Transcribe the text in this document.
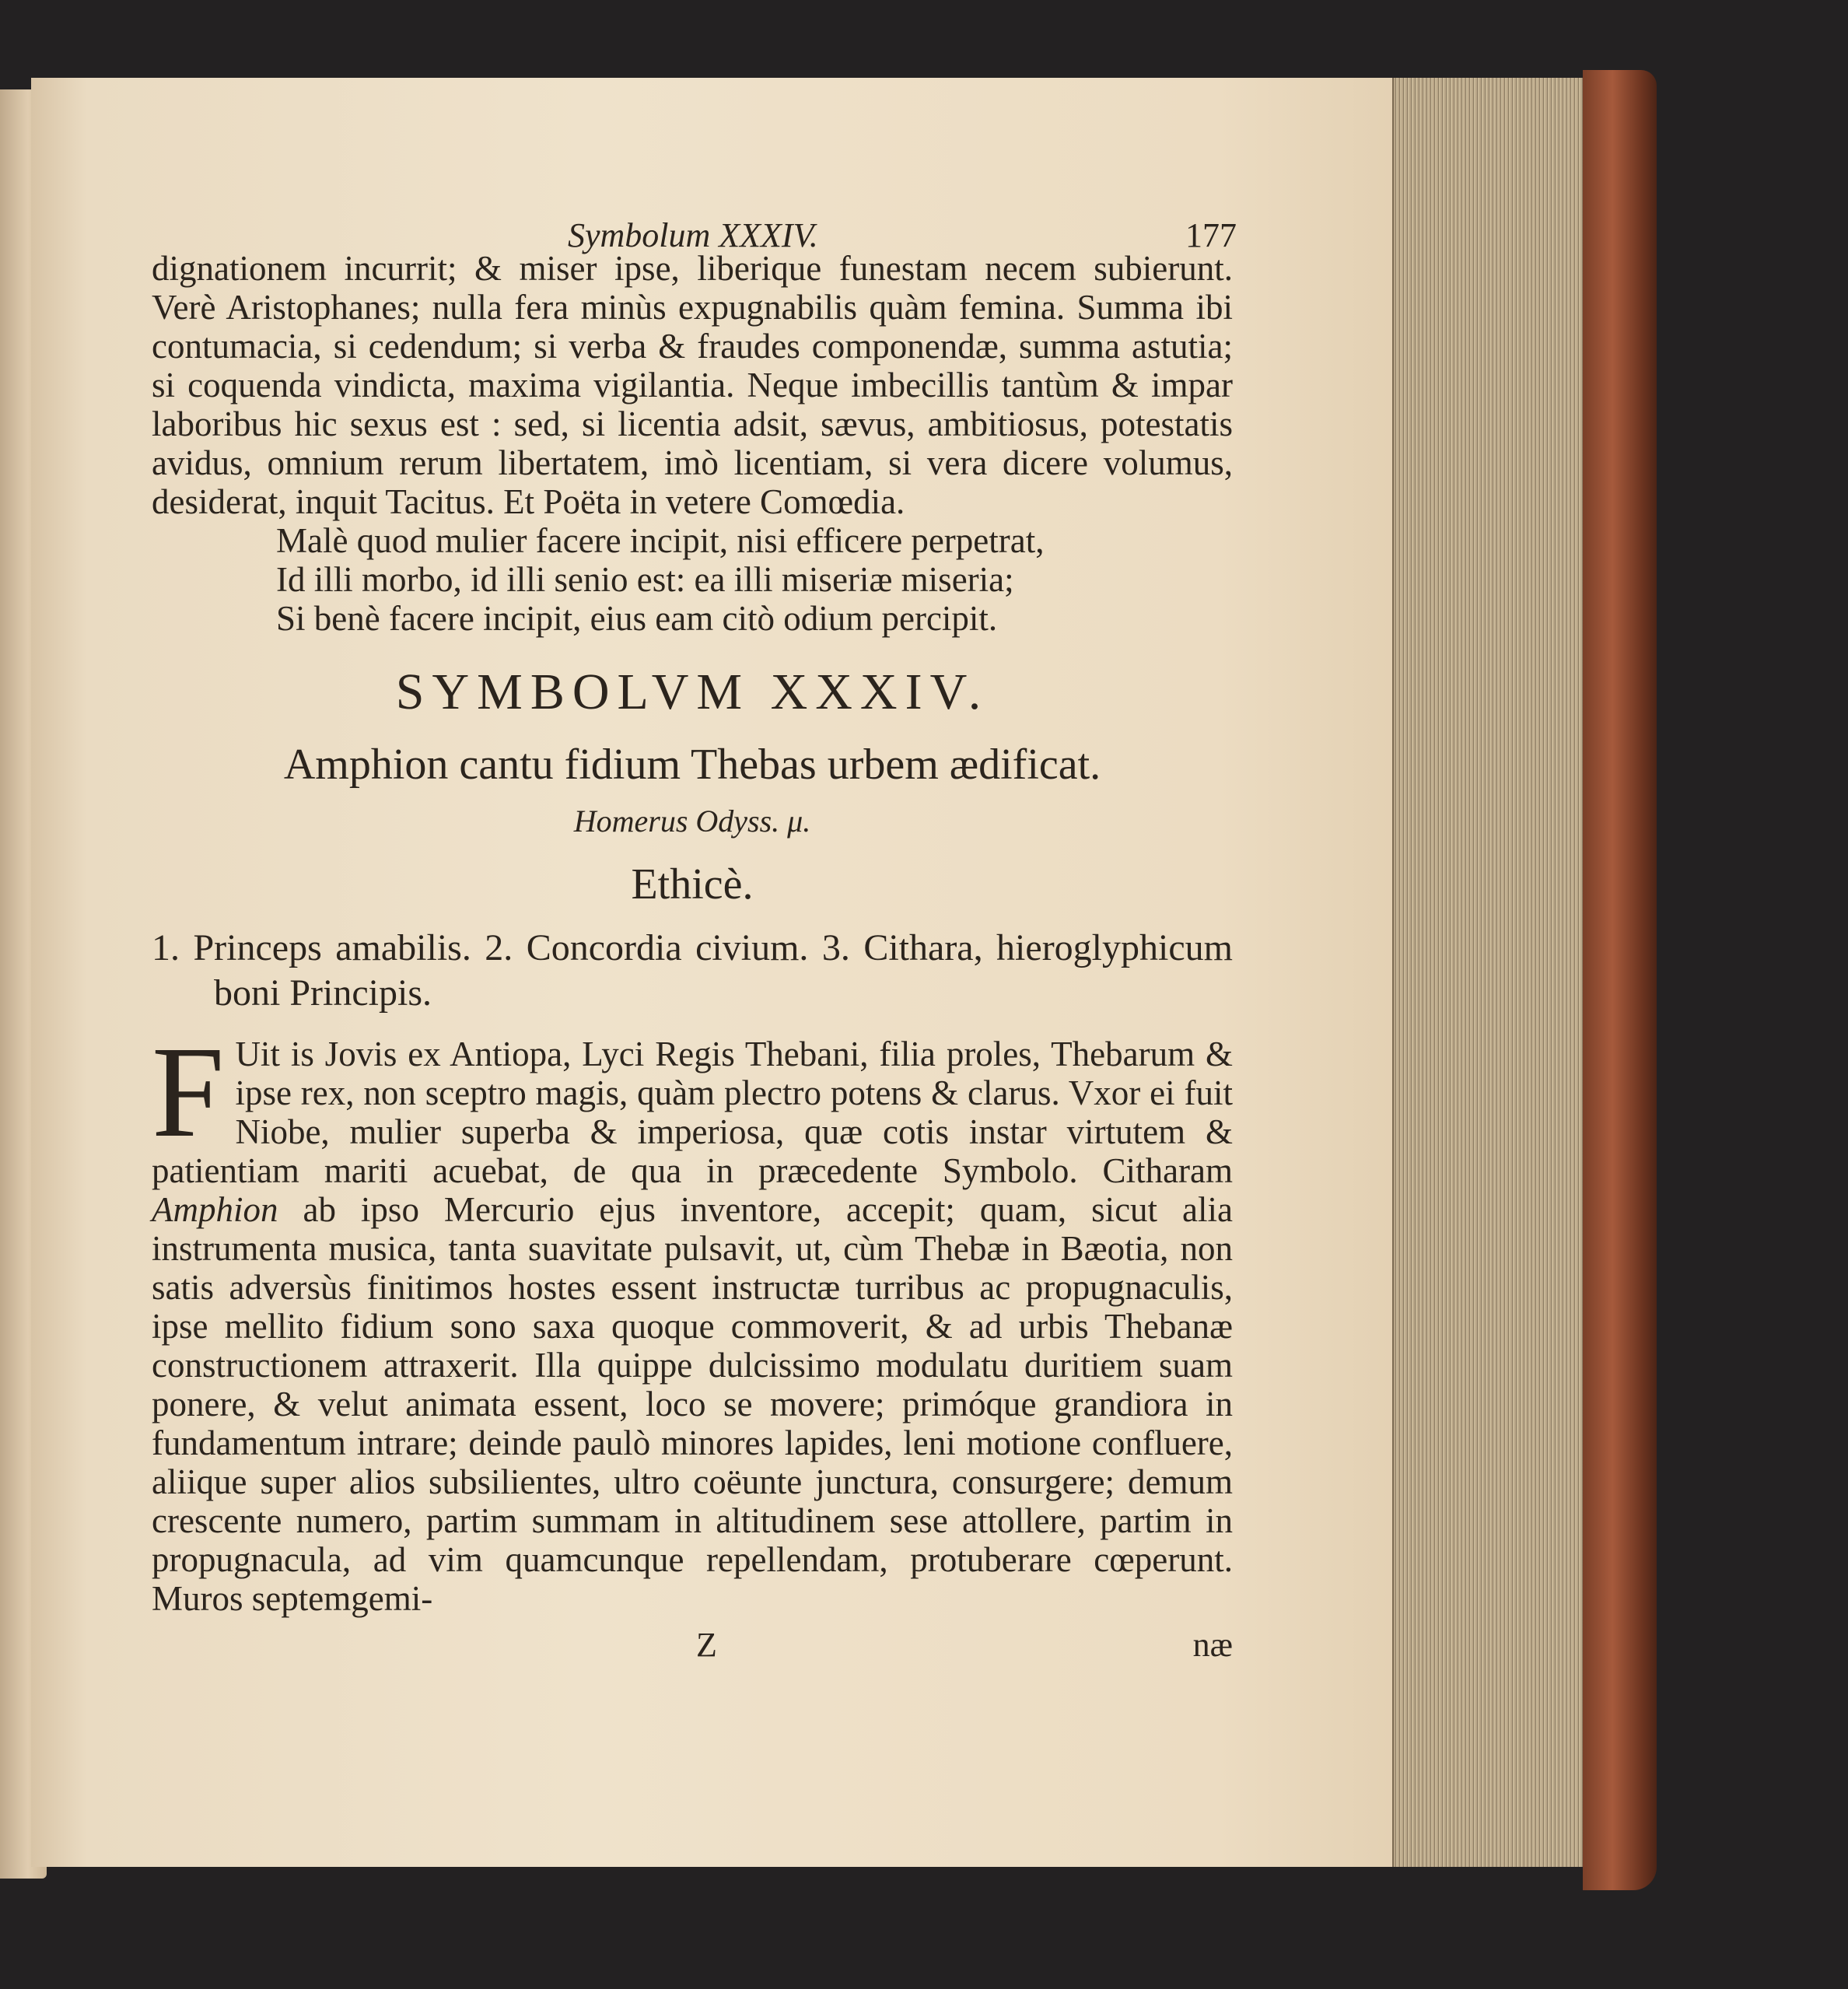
Symbolum XXXIV.	177

dignationem incurrit; & miser ipse, liberique funestam necem subierunt. Verè Aristophanes; nulla fera minùs expugnabilis quàm femina. Summa ibi contumacia, si cedendum; si verba & fraudes componendæ, summa astutia; si coquenda vindicta, maxima vigilantia. Neque imbecillis tantùm & impar laboribus hic sexus est : sed, si licentia adsit, sævus, ambitiosus, potestatis avidus, omnium rerum libertatem, imò licentiam, si vera dicere volumus, desiderat, inquit Tacitus. Et Poëta in vetere Comœdia.

Malè quod mulier facere incipit, nisi efficere perpetrat,
Id illi morbo, id illi senio est: ea illi miseriæ miseria;
Si benè facere incipit, eius eam citò odium percipit.
SYMBOLVM XXXIV.
Amphion cantu fidium Thebas urbem ædificat.
Homerus Odyss. μ.
Ethicè.
1. Princeps amabilis. 2. Concordia civium. 3. Cithara, hieroglyphicum boni Principis.
F Uit is Jovis ex Antiopa, Lyci Regis Thebani, filia proles, Thebarum & ipse rex, non sceptro magis, quàm plectro potens & clarus. Vxor ei fuit Niobe, mulier superba & imperiosa, quæ cotis instar virtutem & patientiam mariti acuebat, de qua in præcedente Symbolo. Citharam Amphion ab ipso Mercurio ejus inventore, accepit; quam, sicut alia instrumenta musica, tanta suavitate pulsavit, ut, cùm Thebæ in Bæotia, non satis adversùs finitimos hostes essent instructæ turribus ac propugnaculis, ipse mellito fidium sono saxa quoque commoverit, & ad urbis Thebanæ constructionem attraxerit. Illa quippe dulcissimo modulatu duritiem suam ponere, & velut animata essent, loco se movere; primóque grandiora in fundamentum intrare; deinde paulò minores lapides, leni motione confluere, aliique super alios subsilientes, ultro coëunte junctura, consurgere; demum crescente numero, partim summam in altitudinem sese attollere, partim in propugnacula, ad vim quamcunque repellendam, protuberare cœperunt. Muros septemgemi-
Z	næ
